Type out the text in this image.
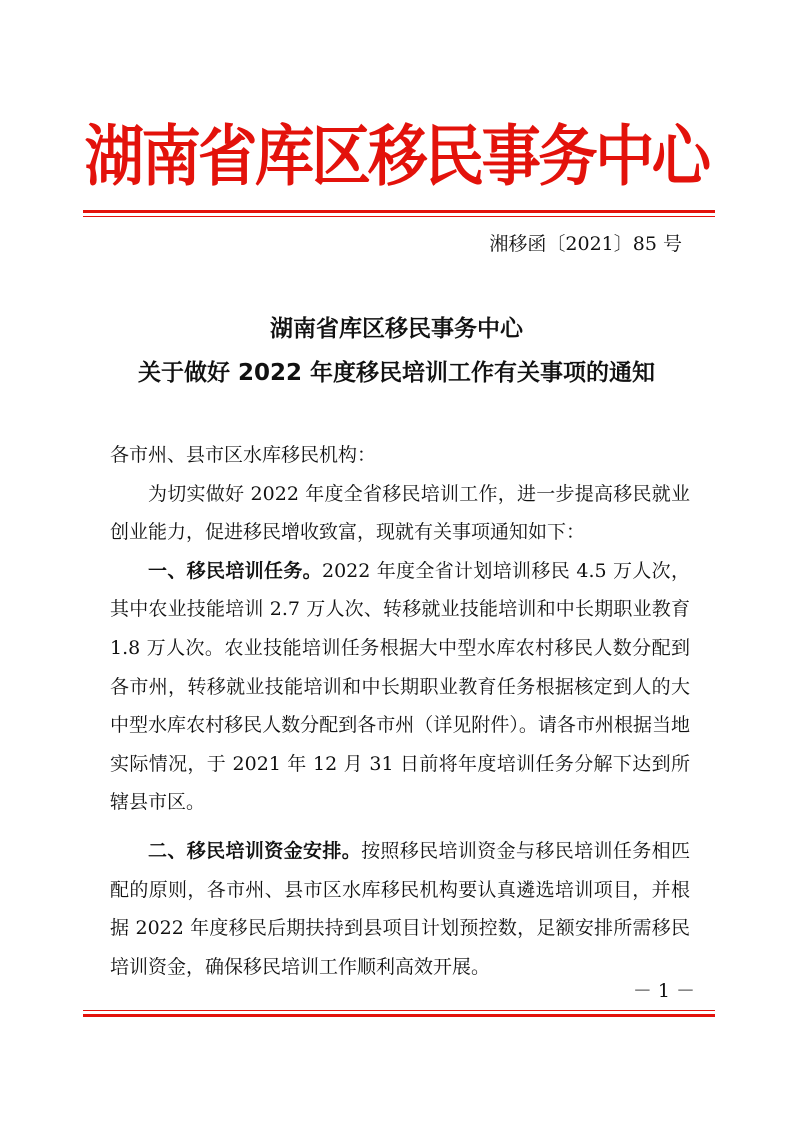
湖南省库区移民事务中心
湘移函〔2021〕85 号
湖南省库区移民事务中心
关于做好 2022 年度移民培训工作有关事项的通知

各市州、县市区水库移民机构：

为切实做好 2022 年度全省移民培训工作，进一步提高移民就业创业能力，促进移民增收致富，现就有关事项通知如下：

一、移民培训任务。2022 年度全省计划培训移民 4.5 万人次，其中农业技能培训 2.7 万人次、转移就业技能培训和中长期职业教育 1.8 万人次。农业技能培训任务根据大中型水库农村移民人数分配到各市州，转移就业技能培训和中长期职业教育任务根据核定到人的大中型水库农村移民人数分配到各市州（详见附件）。请各市州根据当地实际情况，于 2021 年 12 月 31 日前将年度培训任务分解下达到所辖县市区。

二、移民培训资金安排。按照移民培训资金与移民培训任务相匹配的原则，各市州、县市区水库移民机构要认真遴选培训项目，并根据 2022 年度移民后期扶持到县项目计划预控数，足额安排所需移民培训资金，确保移民培训工作顺利高效开展。

－ 1 －
